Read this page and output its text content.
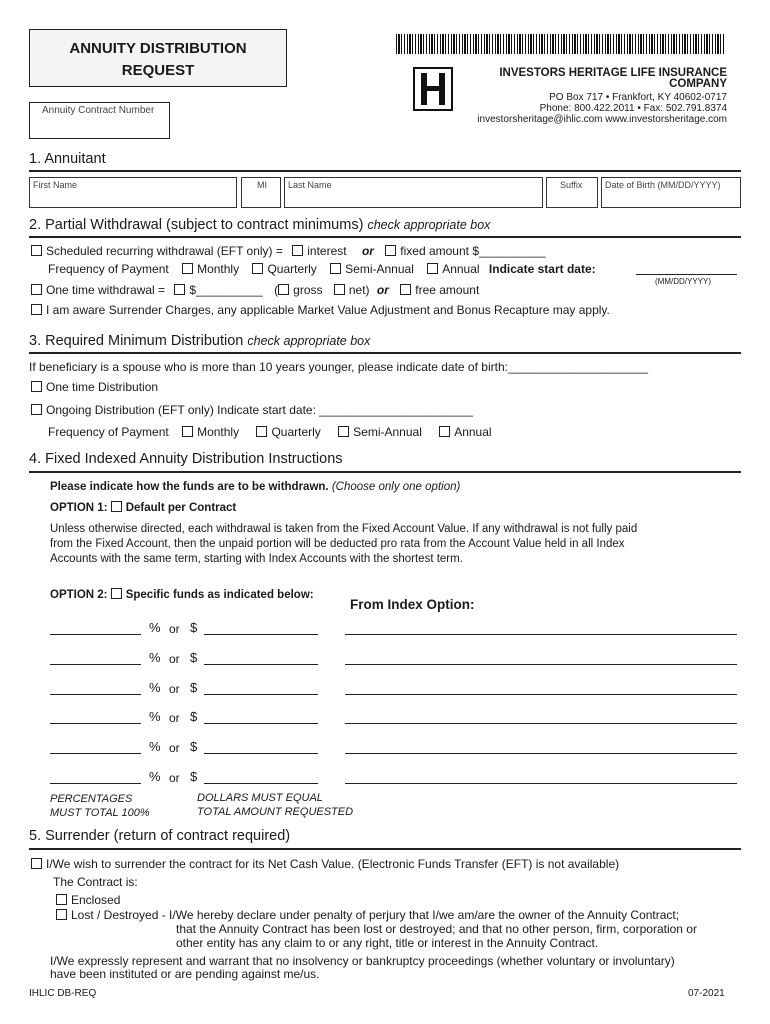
ANNUITY DISTRIBUTION
REQUEST
Annuity Contract Number
INVESTORS HERITAGE LIFE INSURANCE COMPANY
PO Box 717 • Frankfort, KY 40602-0717
Phone: 800.422.2011 • Fax: 502.791.8374
investorsheritage@ihlic.com www.investorsheritage.com
1. Annuitant
First Name	MI	Last Name	Suffix	Date of Birth (MM/DD/YYYY)
2. Partial Withdrawal (subject to contract minimums) check appropriate box
Scheduled recurring withdrawal (EFT only) = interest or fixed amount $__________
Frequency of Payment Monthly Quarterly Semi-Annual Annual Indicate start date:
(MM/DD/YYYY)
One time withdrawal = $__________ ( gross net) or free amount
I am aware Surrender Charges, any applicable Market Value Adjustment and Bonus Recapture may apply.
3. Required Minimum Distribution check appropriate box
If beneficiary is a spouse who is more than 10 years younger, please indicate date of birth:_____________________
One time Distribution
Ongoing Distribution (EFT only) Indicate start date: _______________________
Frequency of Payment Monthly	Quarterly	Semi-Annual	Annual
4. Fixed Indexed Annuity Distribution Instructions
Please indicate how the funds are to be withdrawn. (Choose only one option)
OPTION 1: Default per Contract
Unless otherwise directed, each withdrawal is taken from the Fixed Account Value. If any withdrawal is not fully paid
from the Fixed Account, then the unpaid portion will be deducted pro rata from the Account Value held in all Index
Accounts with the same term, starting with Index Accounts with the shortest term.
OPTION 2: Specific funds as indicated below:
From Index Option:
% or $
% or $
% or $
% or $
% or $
% or $
PERCENTAGES
MUST TOTAL 100%
DOLLARS MUST EQUAL
TOTAL AMOUNT REQUESTED
5. Surrender (return of contract required)
I/We wish to surrender the contract for its Net Cash Value. (Electronic Funds Transfer (EFT) is not available)
The Contract is:
Enclosed
Lost / Destroyed - I/We hereby declare under penalty of perjury that I/we am/are the owner of the Annuity Contract;
that the Annuity Contract has been lost or destroyed; and that no other person, firm, corporation or
other entity has any claim to or any right, title or interest in the Annuity Contract.
I/We expressly represent and warrant that no insolvency or bankruptcy proceedings (whether voluntary or involuntary)
have been instituted or are pending against me/us.
IHLIC DB-REQ	07-2021
